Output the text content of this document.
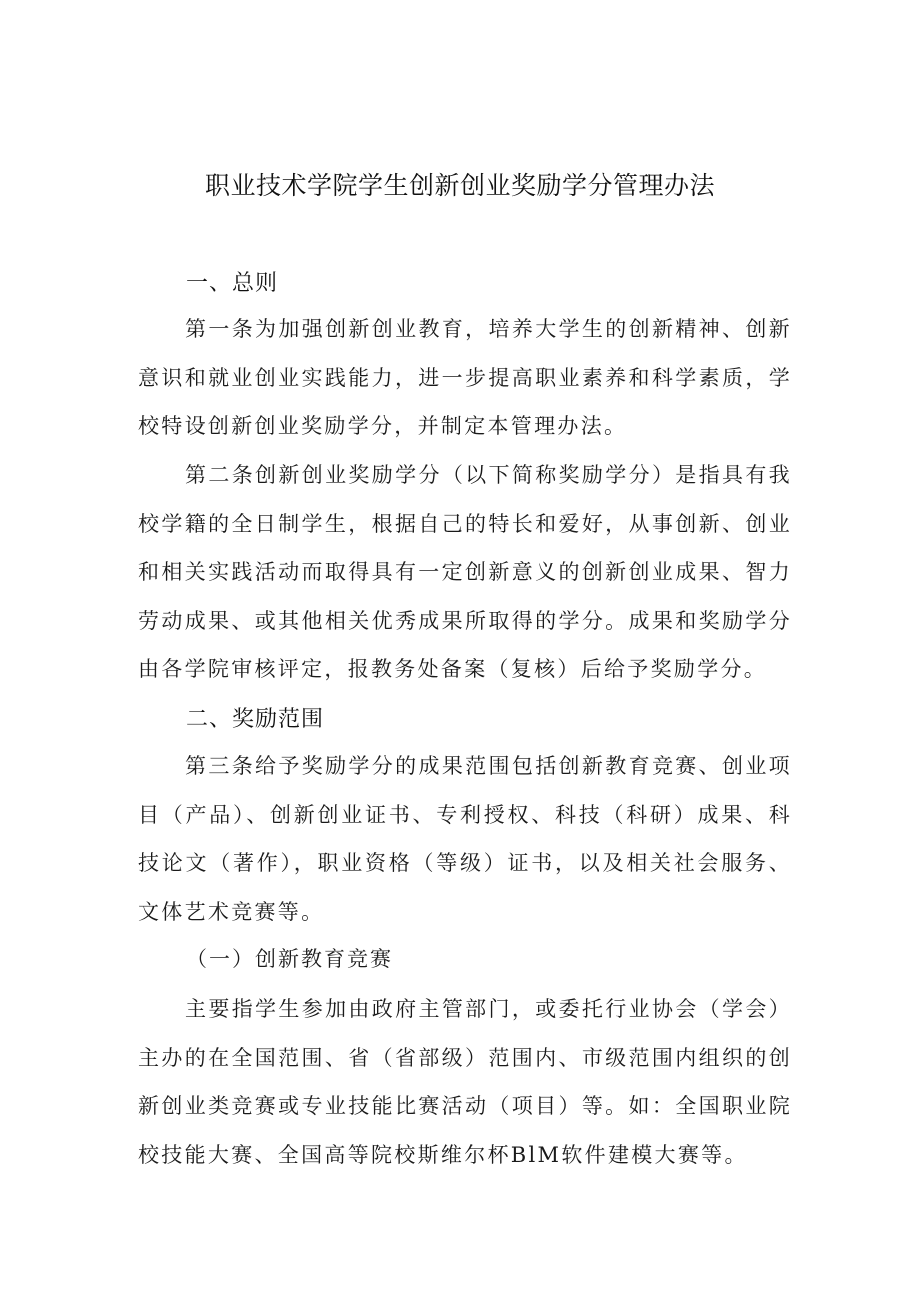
职业技术学院学生创新创业奖励学分管理办法
一、总则

第一条为加强创新创业教育，培养大学生的创新精神、创新意识和就业创业实践能力，进一步提高职业素养和科学素质，学校特设创新创业奖励学分，并制定本管理办法。

第二条创新创业奖励学分（以下简称奖励学分）是指具有我校学籍的全日制学生，根据自己的特长和爱好，从事创新、创业和相关实践活动而取得具有一定创新意义的创新创业成果、智力劳动成果、或其他相关优秀成果所取得的学分。成果和奖励学分由各学院审核评定，报教务处备案（复核）后给予奖励学分。

二、奖励范围

第三条给予奖励学分的成果范围包括创新教育竞赛、创业项目（产品）、创新创业证书、专利授权、科技（科研）成果、科技论文（著作），职业资格（等级）证书，以及相关社会服务、文体艺术竞赛等。

（一）创新教育竞赛

主要指学生参加由政府主管部门，或委托行业协会（学会）主办的在全国范围、省（省部级）范围内、市级范围内组织的创新创业类竞赛或专业技能比赛活动（项目）等。如：全国职业院校技能大赛、全国高等院校斯维尔杯BlM软件建模大赛等。
